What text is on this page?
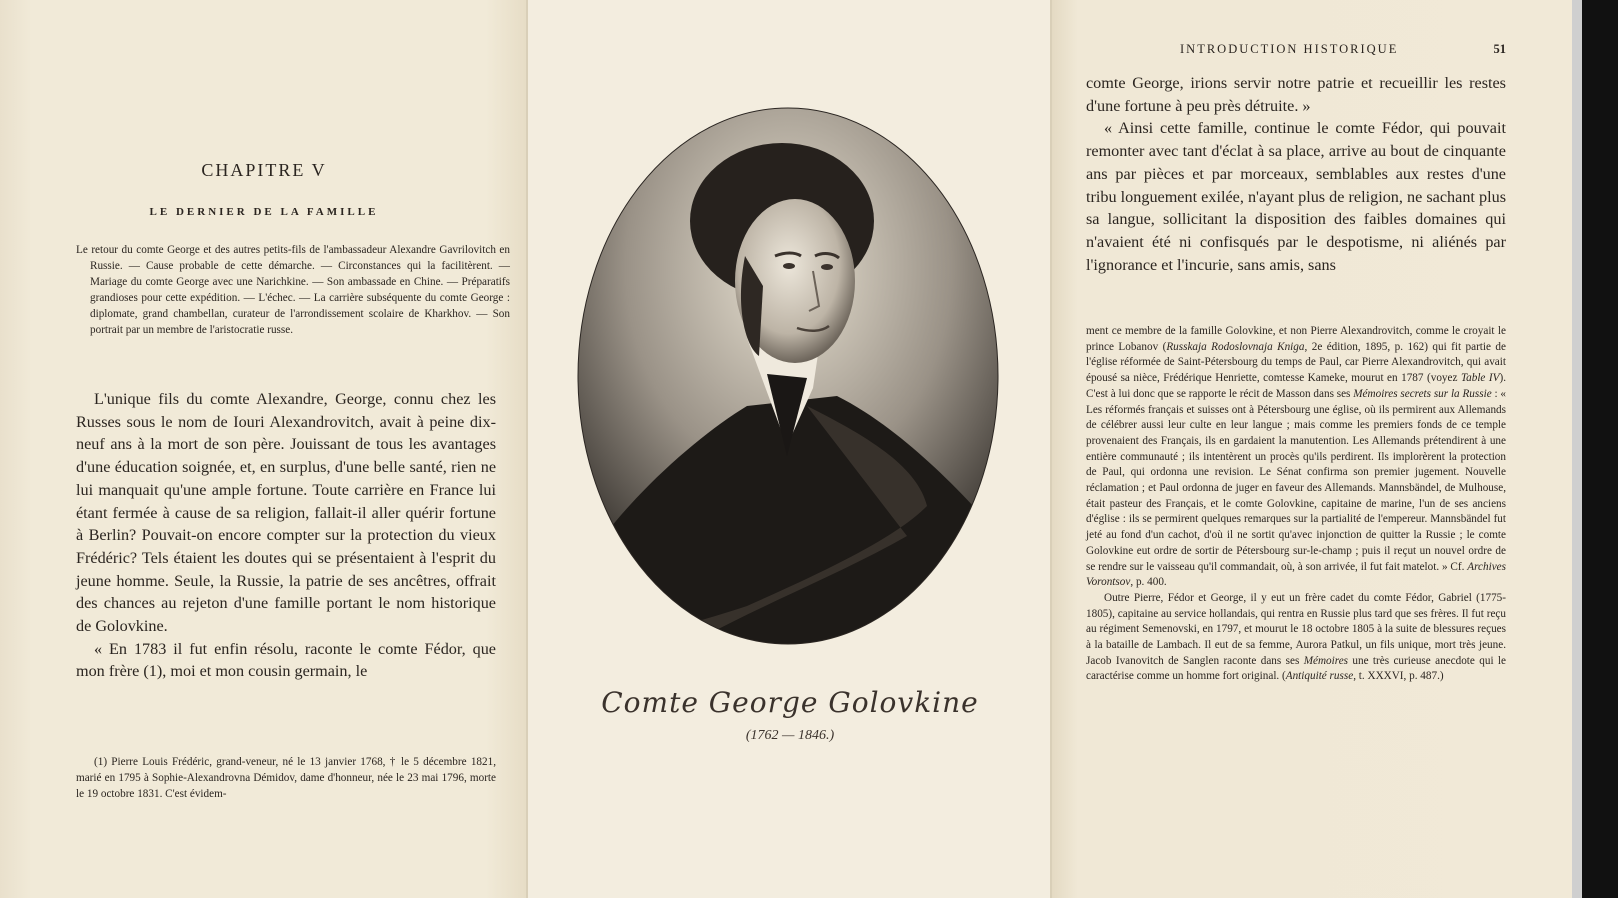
CHAPITRE V
LE DERNIER DE LA FAMILLE
Le retour du comte George et des autres petits-fils de l'ambassadeur Alexandre Gavrilovitch en Russie. — Cause probable de cette démarche. — Circonstances qui la facilitèrent. — Mariage du comte George avec une Narichkine. — Son ambassade en Chine. — Préparatifs grandioses pour cette expédition. — L'échec. — La carrière subséquente du comte George : diplomate, grand chambellan, curateur de l'arrondissement scolaire de Kharkhov. — Son portrait par un membre de l'aristocratie russe.

L'unique fils du comte Alexandre, George, connu chez les Russes sous le nom de Iouri Alexandrovitch, avait à peine dix-neuf ans à la mort de son père. Jouissant de tous les avantages d'une éducation soignée, et, en surplus, d'une belle santé, rien ne lui manquait qu'une ample fortune. Toute carrière en France lui étant fermée à cause de sa religion, fallait-il aller quérir fortune à Berlin? Pouvait-on encore compter sur la protection du vieux Frédéric? Tels étaient les doutes qui se présentaient à l'esprit du jeune homme. Seule, la Russie, la patrie de ses ancêtres, offrait des chances au rejeton d'une famille portant le nom historique de Golovkine.

« En 1783 il fut enfin résolu, raconte le comte Fédor, que mon frère (1), moi et mon cousin germain, le

(1) Pierre Louis Frédéric, grand-veneur, né le 13 janvier 1768, † le 5 décembre 1821, marié en 1795 à Sophie-Alexandrovna Démidov, dame d'honneur, née le 23 mai 1796, morte le 19 octobre 1831. C'est évidem-
Comte George Golovkine
(1762 — 1846.)
INTRODUCTION HISTORIQUE	51

comte George, irions servir notre patrie et recueillir les restes d'une fortune à peu près détruite. »

« Ainsi cette famille, continue le comte Fédor, qui pouvait remonter avec tant d'éclat à sa place, arrive au bout de cinquante ans par pièces et par morceaux, semblables aux restes d'une tribu longuement exilée, n'ayant plus de religion, ne sachant plus sa langue, sollicitant la disposition des faibles domaines qui n'avaient été ni confisqués par le despotisme, ni aliénés par l'ignorance et l'incurie, sans amis, sans

ment ce membre de la famille Golovkine, et non Pierre Alexandrovitch, comme le croyait le prince Lobanov (Russkaja Rodoslovnaja Kniga, 2e édition, 1895, p. 162) qui fit partie de l'église réformée de Saint-Pétersbourg du temps de Paul, car Pierre Alexandrovitch, qui avait épousé sa nièce, Frédérique Henriette, comtesse Kameke, mourut en 1787 (voyez Table IV). C'est à lui donc que se rapporte le récit de Masson dans ses Mémoires secrets sur la Russie : « Les réformés français et suisses ont à Pétersbourg une église, où ils permirent aux Allemands de célébrer aussi leur culte en leur langue ; mais comme les premiers fonds de ce temple provenaient des Français, ils en gardaient la manutention. Les Allemands prétendirent à une entière communauté ; ils intentèrent un procès qu'ils perdirent. Ils implorèrent la protection de Paul, qui ordonna une revision. Le Sénat confirma son premier jugement. Nouvelle réclamation ; et Paul ordonna de juger en faveur des Allemands. Mannsbändel, de Mulhouse, était pasteur des Français, et le comte Golovkine, capitaine de marine, l'un de ses anciens d'église : ils se permirent quelques remarques sur la partialité de l'empereur. Mannsbändel fut jeté au fond d'un cachot, d'où il ne sortit qu'avec injonction de quitter la Russie ; le comte Golovkine eut ordre de sortir de Pétersbourg sur-le-champ ; puis il reçut un nouvel ordre de se rendre sur le vaisseau qu'il commandait, où, à son arrivée, il fut fait matelot. » Cf. Archives Vorontsov, p. 400.

Outre Pierre, Fédor et George, il y eut un frère cadet du comte Fédor, Gabriel (1775-1805), capitaine au service hollandais, qui rentra en Russie plus tard que ses frères. Il fut reçu au régiment Semenovski, en 1797, et mourut le 18 octobre 1805 à la suite de blessures reçues à la bataille de Lambach. Il eut de sa femme, Aurora Patkul, un fils unique, mort très jeune. Jacob Ivanovitch de Sanglen raconte dans ses Mémoires une très curieuse anecdote qui le caractérise comme un homme fort original. (Antiquité russe, t. XXXVI, p. 487.)
